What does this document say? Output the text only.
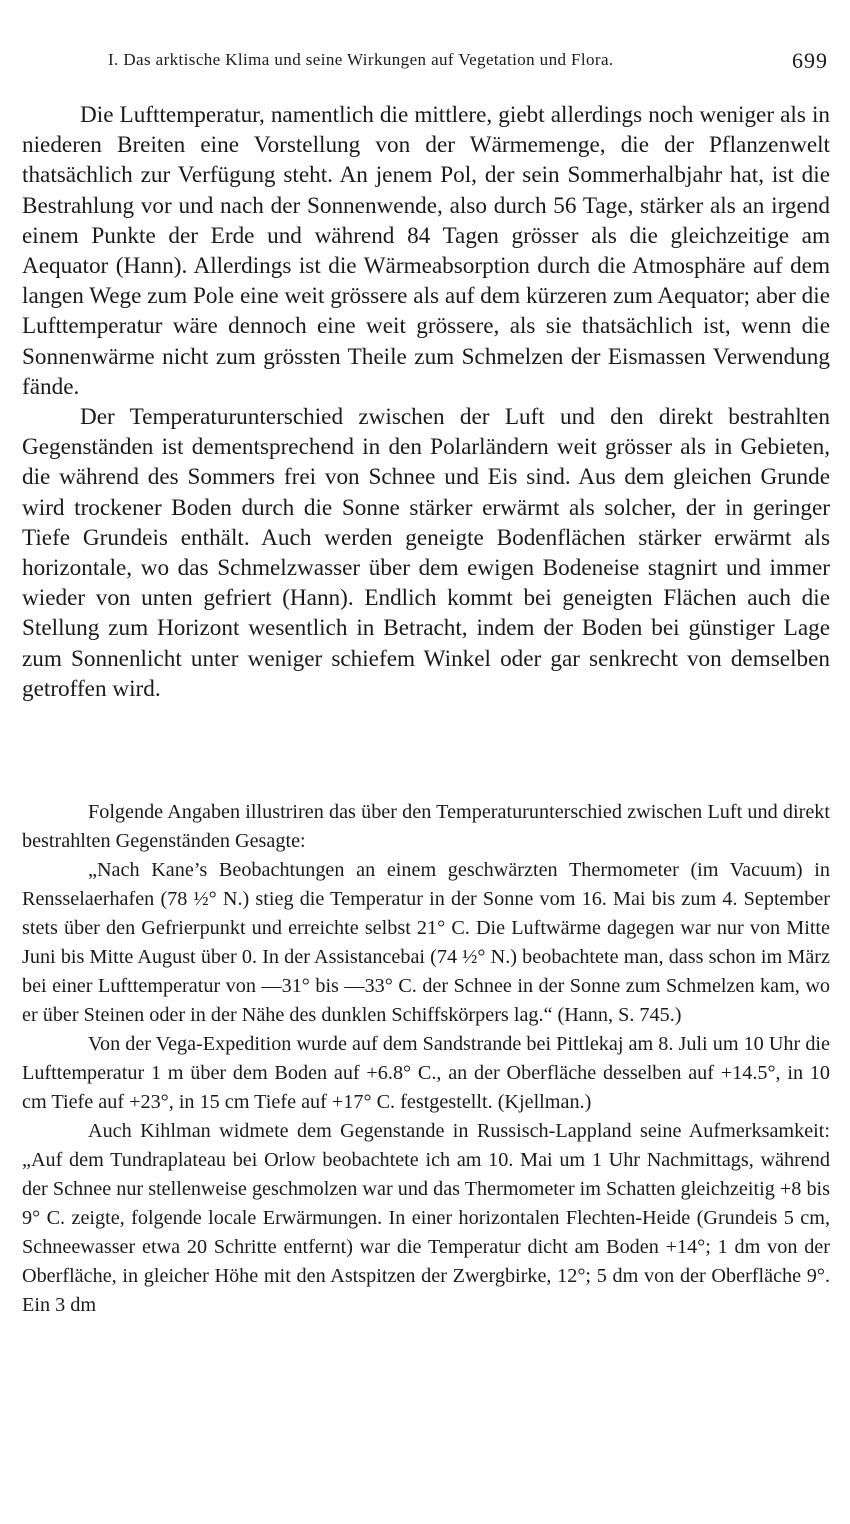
I. Das arktische Klima und seine Wirkungen auf Vegetation und Flora.	699

Die Lufttemperatur, namentlich die mittlere, giebt allerdings noch weniger als in niederen Breiten eine Vorstellung von der Wärmemenge, die der Pflanzenwelt thatsächlich zur Verfügung steht. An jenem Pol, der sein Sommerhalbjahr hat, ist die Bestrahlung vor und nach der Sonnenwende, also durch 56 Tage, stärker als an irgend einem Punkte der Erde und während 84 Tagen grösser als die gleichzeitige am Aequator (Hann). Allerdings ist die Wärmeabsorption durch die Atmosphäre auf dem langen Wege zum Pole eine weit grössere als auf dem kürzeren zum Aequator; aber die Lufttemperatur wäre dennoch eine weit grössere, als sie thatsächlich ist, wenn die Sonnenwärme nicht zum grössten Theile zum Schmelzen der Eismassen Verwendung fände.

Der Temperaturunterschied zwischen der Luft und den direkt bestrahlten Gegenständen ist dementsprechend in den Polarländern weit grösser als in Gebieten, die während des Sommers frei von Schnee und Eis sind. Aus dem gleichen Grunde wird trockener Boden durch die Sonne stärker erwärmt als solcher, der in geringer Tiefe Grundeis enthält. Auch werden geneigte Bodenflächen stärker erwärmt als horizontale, wo das Schmelzwasser über dem ewigen Bodeneise stagnirt und immer wieder von unten gefriert (Hann). Endlich kommt bei geneigten Flächen auch die Stellung zum Horizont wesentlich in Betracht, indem der Boden bei günstiger Lage zum Sonnenlicht unter weniger schiefem Winkel oder gar senkrecht von demselben getroffen wird.

Folgende Angaben illustriren das über den Temperaturunterschied zwischen Luft und direkt bestrahlten Gegenständen Gesagte:

„Nach Kane’s Beobachtungen an einem geschwärzten Thermometer (im Vacuum) in Rensselaerhafen (78 ½° N.) stieg die Temperatur in der Sonne vom 16. Mai bis zum 4. September stets über den Gefrierpunkt und erreichte selbst 21° C. Die Luftwärme dagegen war nur von Mitte Juni bis Mitte August über 0. In der Assistancebai (74 ½° N.) beobachtete man, dass schon im März bei einer Lufttemperatur von —31° bis —33° C. der Schnee in der Sonne zum Schmelzen kam, wo er über Steinen oder in der Nähe des dunklen Schiffskörpers lag.“ (Hann, S. 745.)

Von der Vega-Expedition wurde auf dem Sandstrande bei Pittlekaj am 8. Juli um 10 Uhr die Lufttemperatur 1 m über dem Boden auf +6.8° C., an der Oberfläche desselben auf +14.5°, in 10 cm Tiefe auf +23°, in 15 cm Tiefe auf +17° C. festgestellt. (Kjellman.)

Auch Kihlman widmete dem Gegenstande in Russisch-Lappland seine Aufmerksamkeit: „Auf dem Tundraplateau bei Orlow beobachtete ich am 10. Mai um 1 Uhr Nachmittags, während der Schnee nur stellenweise geschmolzen war und das Thermometer im Schatten gleichzeitig +8 bis 9° C. zeigte, folgende locale Erwärmungen. In einer horizontalen Flechten-Heide (Grundeis 5 cm, Schneewasser etwa 20 Schritte entfernt) war die Temperatur dicht am Boden +14°; 1 dm von der Oberfläche, in gleicher Höhe mit den Astspitzen der Zwergbirke, 12°; 5 dm von der Oberfläche 9°. Ein 3 dm
